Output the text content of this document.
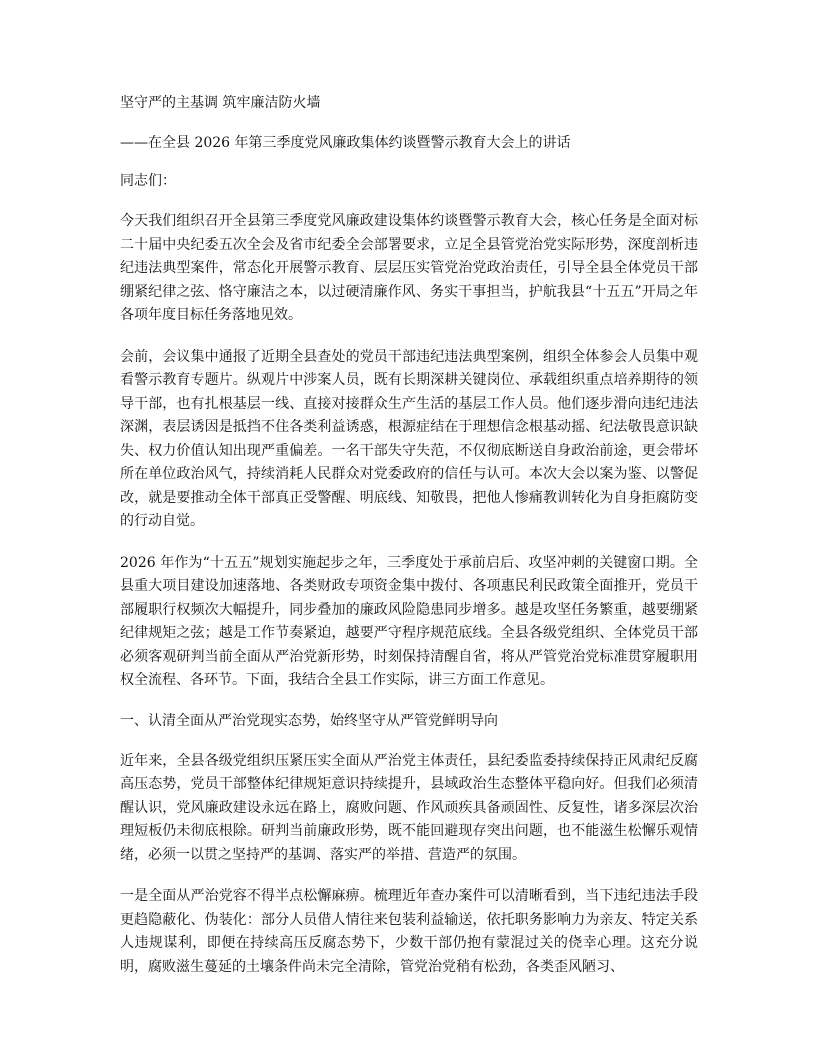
坚守严的主基调 筑牢廉洁防火墙
——在全县 2026 年第三季度党风廉政集体约谈暨警示教育大会上的讲话
同志们：
今天我们组织召开全县第三季度党风廉政建设集体约谈暨警示教育大会，核心任务是全面对标二十届中央纪委五次全会及省市纪委全会部署要求，立足全县管党治党实际形势，深度剖析违纪违法典型案件，常态化开展警示教育、层层压实管党治党政治责任，引导全县全体党员干部绷紧纪律之弦、恪守廉洁之本，以过硬清廉作风、务实干事担当，护航我县“十五五”开局之年各项年度目标任务落地见效。
会前，会议集中通报了近期全县查处的党员干部违纪违法典型案例，组织全体参会人员集中观看警示教育专题片。纵观片中涉案人员，既有长期深耕关键岗位、承载组织重点培养期待的领导干部，也有扎根基层一线、直接对接群众生产生活的基层工作人员。他们逐步滑向违纪违法深渊，表层诱因是抵挡不住各类利益诱惑，根源症结在于理想信念根基动摇、纪法敬畏意识缺失、权力价值认知出现严重偏差。一名干部失守失范，不仅彻底断送自身政治前途，更会带坏所在单位政治风气，持续消耗人民群众对党委政府的信任与认可。本次大会以案为鉴、以警促改，就是要推动全体干部真正受警醒、明底线、知敬畏，把他人惨痛教训转化为自身拒腐防变的行动自觉。
2026 年作为“十五五”规划实施起步之年，三季度处于承前启后、攻坚冲刺的关键窗口期。全县重大项目建设加速落地、各类财政专项资金集中拨付、各项惠民利民政策全面推开，党员干部履职行权频次大幅提升，同步叠加的廉政风险隐患同步增多。越是攻坚任务繁重，越要绷紧纪律规矩之弦；越是工作节奏紧迫，越要严守程序规范底线。全县各级党组织、全体党员干部必须客观研判当前全面从严治党新形势，时刻保持清醒自省，将从严管党治党标准贯穿履职用权全流程、各环节。下面，我结合全县工作实际，讲三方面工作意见。
一、认清全面从严治党现实态势，始终坚守从严管党鲜明导向
近年来，全县各级党组织压紧压实全面从严治党主体责任，县纪委监委持续保持正风肃纪反腐高压态势，党员干部整体纪律规矩意识持续提升，县域政治生态整体平稳向好。但我们必须清醒认识，党风廉政建设永远在路上，腐败问题、作风顽疾具备顽固性、反复性，诸多深层次治理短板仍未彻底根除。研判当前廉政形势，既不能回避现存突出问题，也不能滋生松懈乐观情绪，必须一以贯之坚持严的基调、落实严的举措、营造严的氛围。
一是全面从严治党容不得半点松懈麻痹。梳理近年查办案件可以清晰看到，当下违纪违法手段更趋隐蔽化、伪装化：部分人员借人情往来包装利益输送，依托职务影响力为亲友、特定关系人违规谋利，即便在持续高压反腐态势下，少数干部仍抱有蒙混过关的侥幸心理。这充分说明，腐败滋生蔓延的土壤条件尚未完全清除，管党治党稍有松劲，各类歪风陋习、
